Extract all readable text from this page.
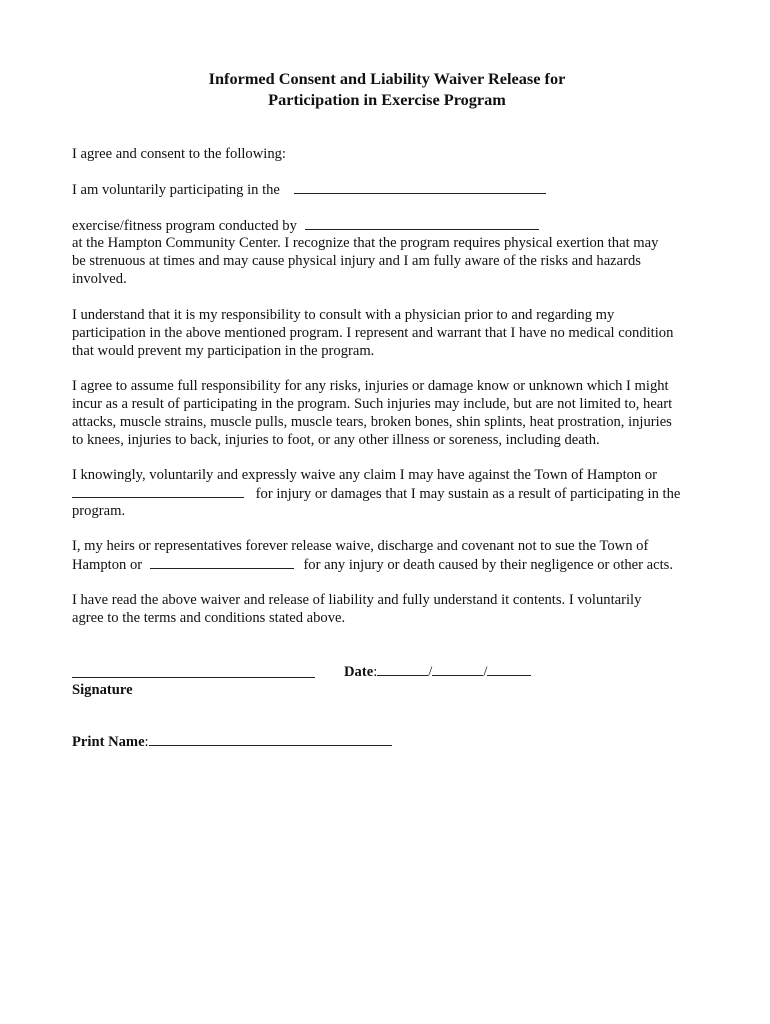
Informed Consent and Liability Waiver Release for
Participation in Exercise Program
I agree and consent to the following:
I am voluntarily participating in the
exercise/fitness program conducted by
at the Hampton Community Center. I recognize that the program requires physical exertion that may
be strenuous at times and may cause physical injury and I am fully aware of the risks and hazards
involved.
I understand that it is my responsibility to consult with a physician prior to and regarding my
participation in the above mentioned program. I represent and warrant that I have no medical condition
that would prevent my participation in the program.
I agree to assume full responsibility for any risks, injuries or damage know or unknown which I might
incur as a result of participating in the program. Such injuries may include, but are not limited to, heart
attacks, muscle strains, muscle pulls, muscle tears, broken bones, shin splints, heat prostration, injuries
to knees, injuries to back, injuries to foot, or any other illness or soreness, including death.
I knowingly, voluntarily and expressly waive any claim I may have against the Town of Hampton or
for injury or damages that I may sustain as a result of participating in the
program.
I, my heirs or representatives forever release waive, discharge and covenant not to sue the Town of
Hampton or	for any injury or death caused by their negligence or other acts.
I have read the above waiver and release of liability and fully understand it contents. I voluntarily
agree to the terms and conditions stated above.
Signature
Date:	/	/
Print Name:
